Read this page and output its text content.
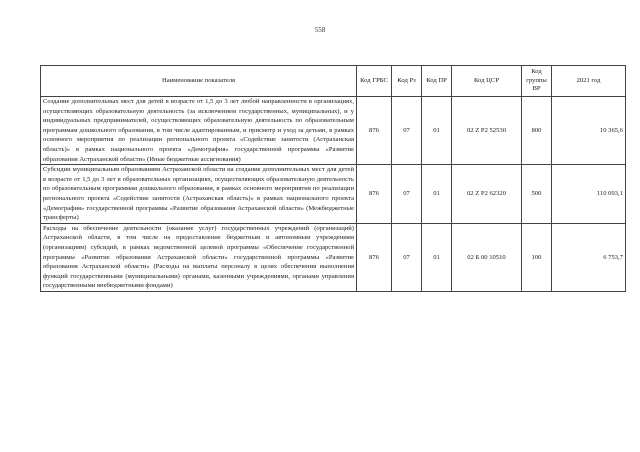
558
Наименование показателя	Код ГРБС	Код Рз	Код ПР	Код ЦСР	Код группы ВР	2021 год
Создание дополнительных мест для детей в возрасте от 1,5 до 3 лет любой направленности в организациях, осуществляющих образовательную деятельность (за исключением государственных, муниципальных), и у индивидуальных предпринимателей, осуществляющих образовательную деятельность по образовательным программам дошкольного образования, в том числе адаптированным, и присмотр и уход за детьми, в рамках основного мероприятия по реализации регионального проекта «Содействие занятости (Астраханская область)» в рамках национального проекта «Демография» государственной программы «Развитие образования Астраханской области» (Иные бюджетные ассигнования)	876	07	01	02 Z P2 52530	800	10 365,6
Субсидии муниципальным образованиям Астраханской области на создание дополнительных мест для детей в возрасте от 1,5 до 3 лет в образовательных организациях, осуществляющих образовательную деятельность по образовательным программам дошкольного образования, в рамках основного мероприятия по реализации регионального проекта «Содействие занятости (Астраханская область)» в рамках национального проекта «Демография» государственной программы «Развитие образования Астраханской области» (Межбюджетные трансферты)	876	07	01	02 Z P2 62320	500	110 093,1
Расходы на обеспечение деятельности (оказание услуг) государственных учреждений (организаций) Астраханской области, в том числе на предоставление бюджетным и автономным учреждениям (организациям) субсидий, в рамках ведомственной целевой программы «Обеспечение государственной программы «Развитие образования Астраханской области» государственной программы «Развитие образования Астраханской области» (Расходы на выплаты персоналу в целях обеспечения выполнения функций государственными (муниципальными) органами, казенными учреждениями, органами управления государственными внебюджетными фондами)	876	07	01	02 Б 00 10510	100	6 753,7
